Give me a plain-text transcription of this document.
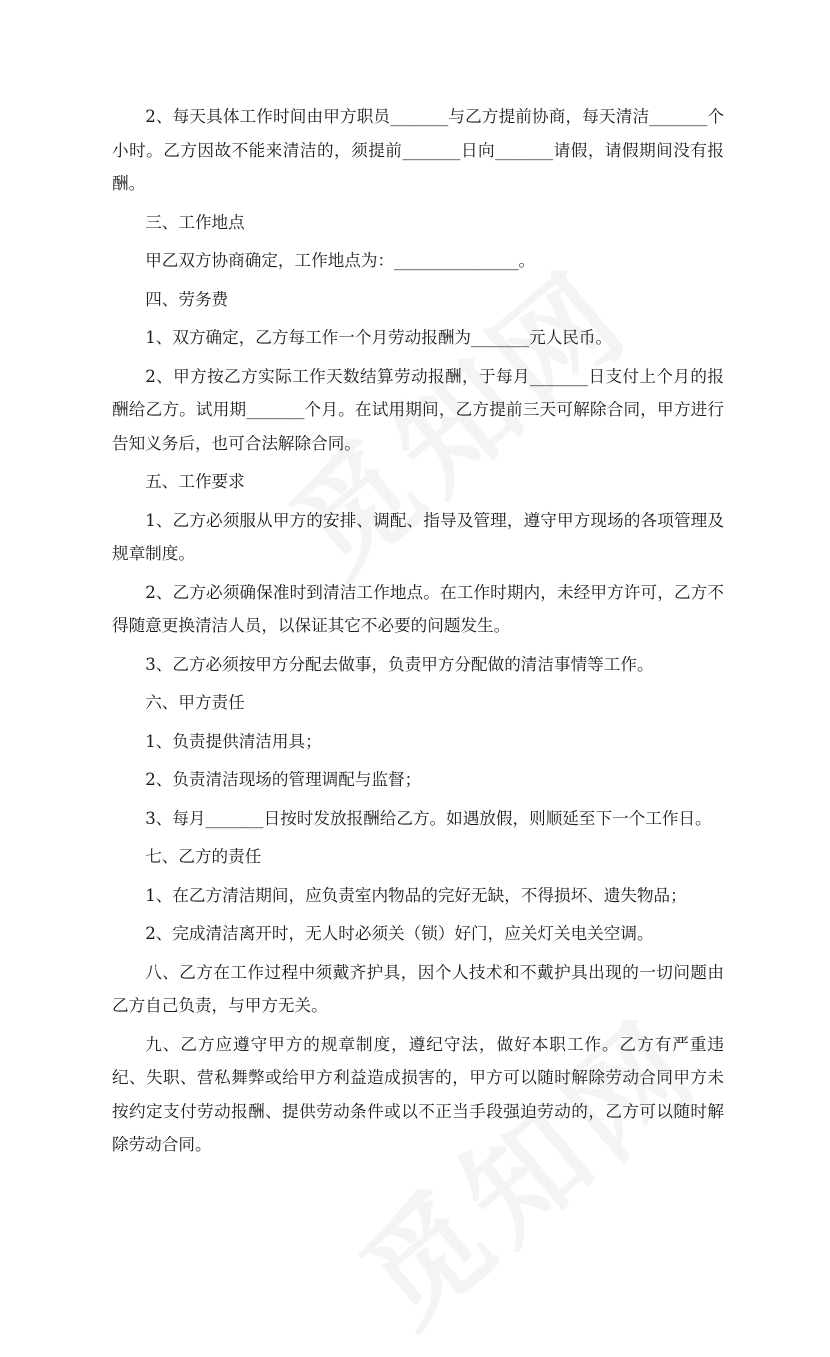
2、每天具体工作时间由甲方职员_______与乙方提前协商，每天清洁_______个小时。乙方因故不能来清洁的，须提前_______日向_______请假，请假期间没有报酬。

三、工作地点

甲乙双方协商确定，工作地点为：_______________。

四、劳务费

1、双方确定，乙方每工作一个月劳动报酬为_______元人民币。

2、甲方按乙方实际工作天数结算劳动报酬，于每月_______日支付上个月的报酬给乙方。试用期_______个月。在试用期间，乙方提前三天可解除合同，甲方进行告知义务后，也可合法解除合同。

五、工作要求

1、乙方必须服从甲方的安排、调配、指导及管理，遵守甲方现场的各项管理及规章制度。

2、乙方必须确保准时到清洁工作地点。在工作时期内，未经甲方许可，乙方不得随意更换清洁人员，以保证其它不必要的问题发生。

3、乙方必须按甲方分配去做事，负责甲方分配做的清洁事情等工作。

六、甲方责任

1、负责提供清洁用具；

2、负责清洁现场的管理调配与监督；

3、每月_______日按时发放报酬给乙方。如遇放假，则顺延至下一个工作日。

七、乙方的责任

1、在乙方清洁期间，应负责室内物品的完好无缺，不得损坏、遗失物品；

2、完成清洁离开时，无人时必须关（锁）好门，应关灯关电关空调。

八、乙方在工作过程中须戴齐护具，因个人技术和不戴护具出现的一切问题由乙方自己负责，与甲方无关。

九、乙方应遵守甲方的规章制度，遵纪守法，做好本职工作。乙方有严重违纪、失职、营私舞弊或给甲方利益造成损害的，甲方可以随时解除劳动合同甲方未按约定支付劳动报酬、提供劳动条件或以不正当手段强迫劳动的，乙方可以随时解除劳动合同。
